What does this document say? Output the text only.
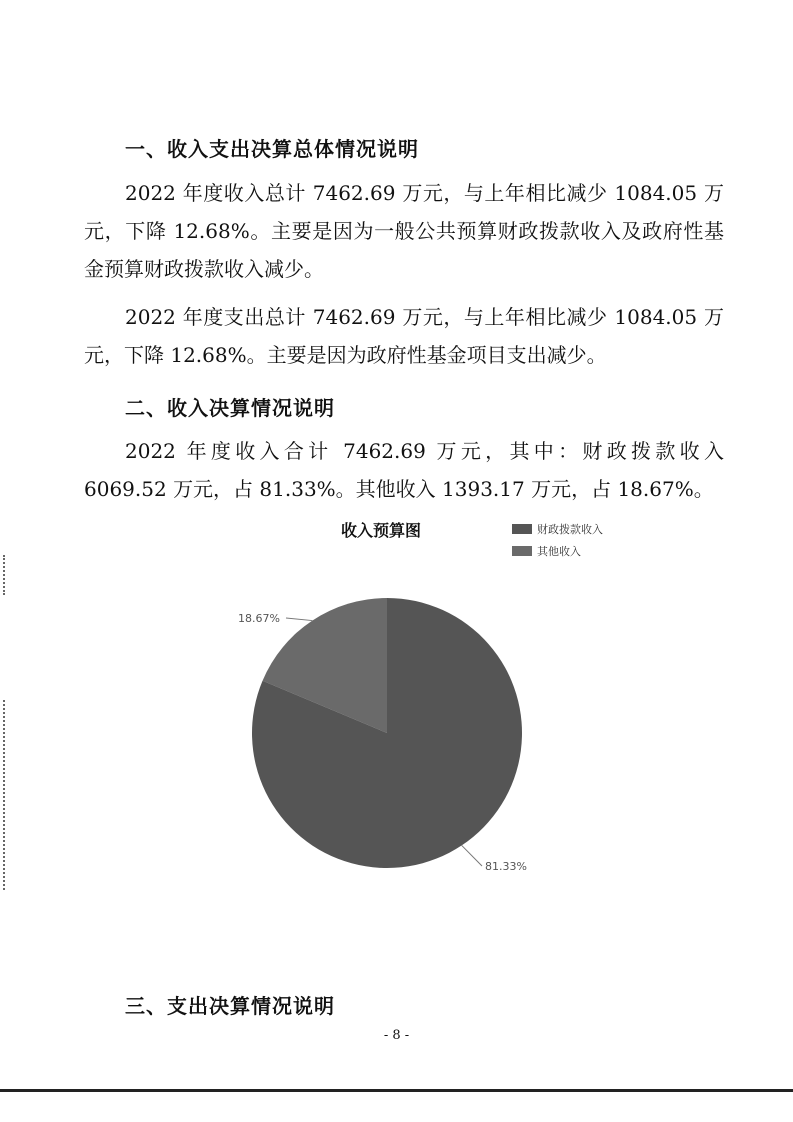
一、收入支出决算总体情况说明

2022 年度收入总计 7462.69 万元，与上年相比减少 1084.05 万元，下降 12.68%。主要是因为一般公共预算财政拨款收入及政府性基金预算财政拨款收入减少。

2022 年度支出总计 7462.69 万元，与上年相比减少 1084.05 万元，下降 12.68%。主要是因为政府性基金项目支出减少。

二、收入决算情况说明

2022 年度收入合计 7462.69 万元，其中：财政拨款收入 6069.52 万元，占 81.33%。其他收入 1393.17 万元，占 18.67%。

收入预算图	财政拨款收入
其他收入
18.67%
81.33%
三、支出决算情况说明
- 8 -
